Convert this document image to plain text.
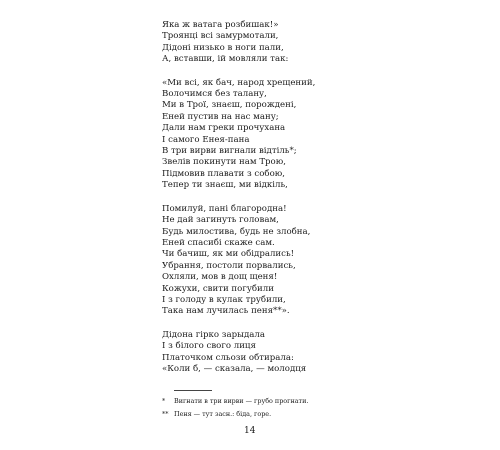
Яка ж ватага розбишак!»
Троянці всі замурмотали,
Дідоні низько в ноги пали,
А, вставши, ій мовляли так:
«Ми всі, як бач, народ хрещений,
Волочимся без талану,
Ми в Трої, знаєш, порождені,
Еней пустив на нас ману;
Дали нам греки прочухана
І самого Енея-пана
В три вирви вигнали відтіль*;
Звелів покинути нам Трою,
Підмовив плавати з собою,
Тепер ти знаєш, ми відкіль,
Помилуй, пані благородна!
Не дай загинуть головам,
Будь милостива, будь не злобна,
Еней спасибі скаже сам.
Чи бачиш, як ми обідрались!
Убрання, постоли порвались,
Охляли, мов в дощ щеня!
Кожухи, свити погубили
І з голоду в кулак трубили,
Така нам лучилась пеня**».
Дідона гірко зарыдала
І з білого свого лиця
Платочком сльози обтирала:
«Коли б, — сказала, — молодця
* Вигнати в три вирви — грубо прогнати.
** Пеня — тут засн.: біда, горе.
14
